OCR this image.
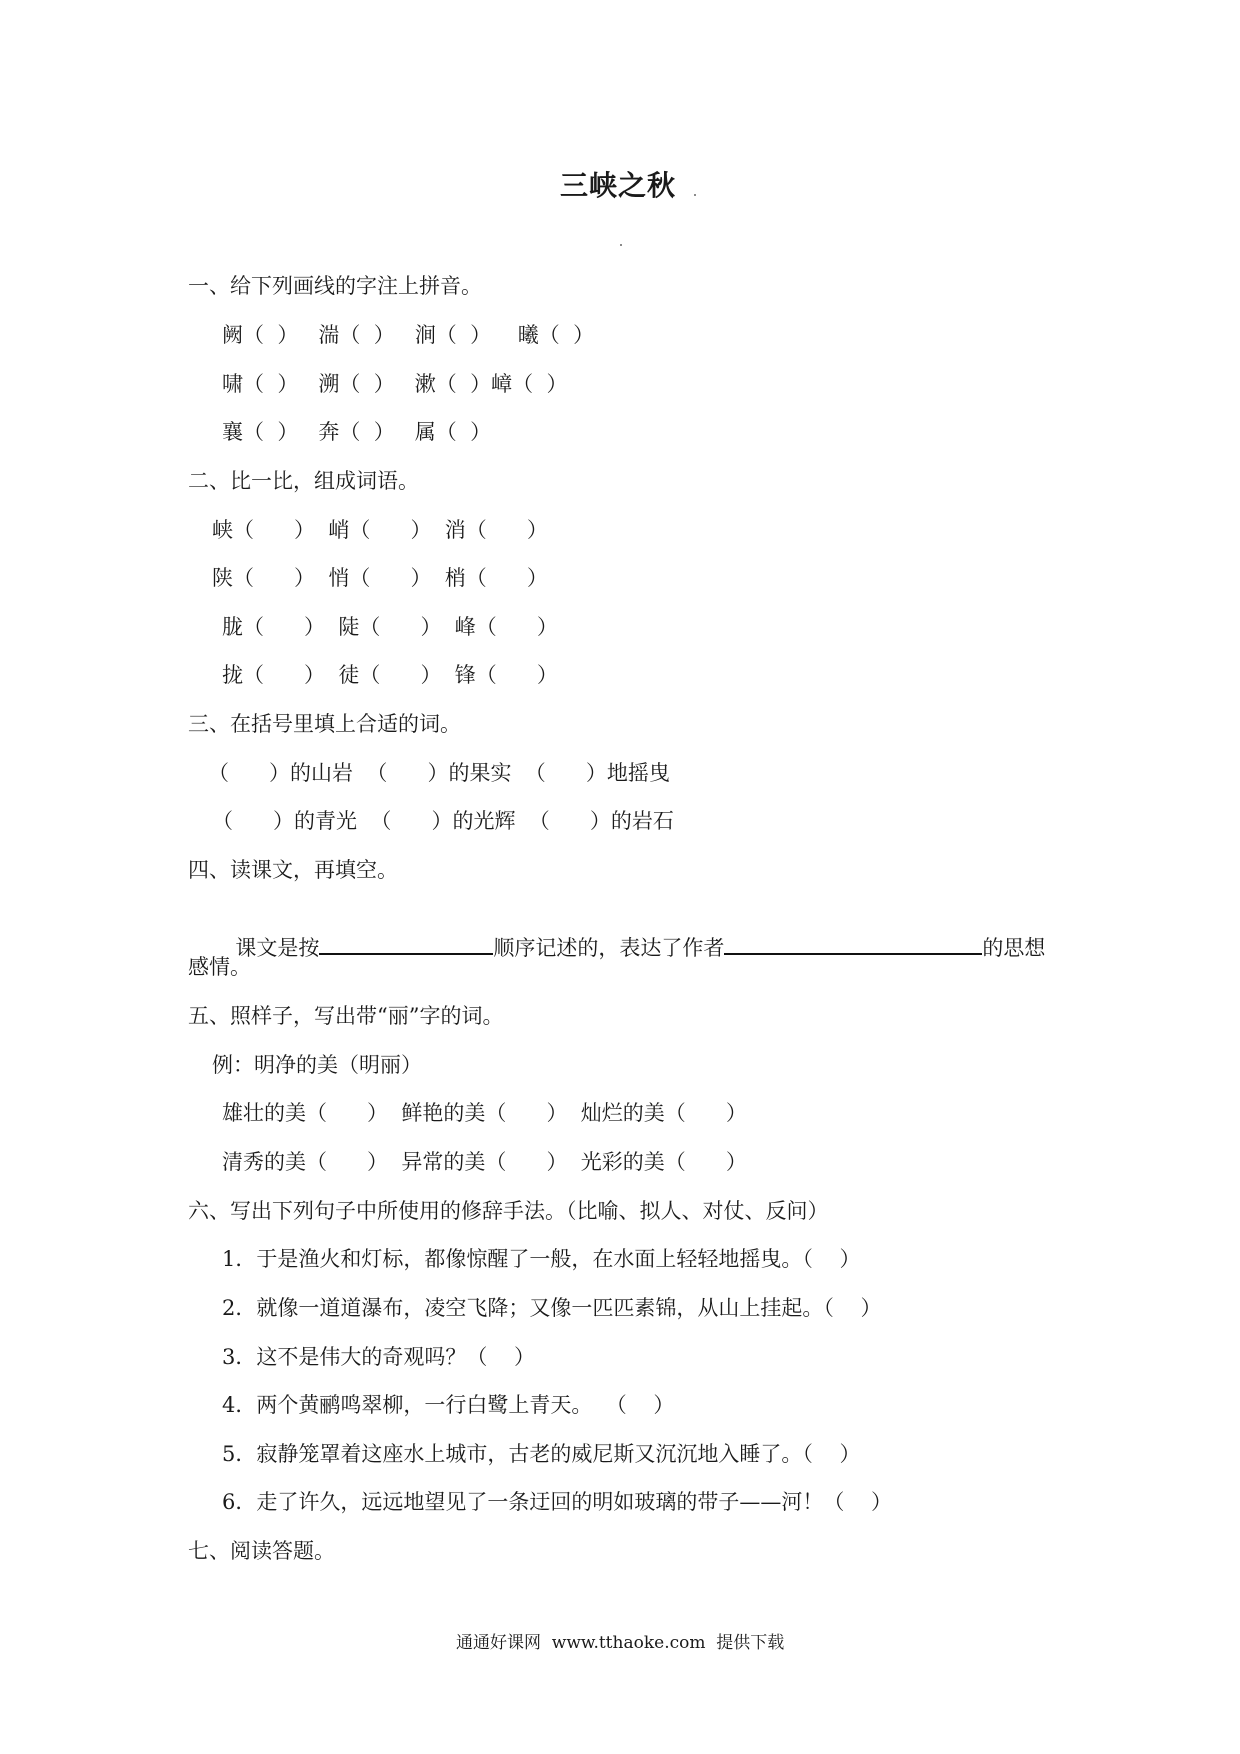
三峡之秋
一、给下列画线的字注上拼音。
阙（  ）   湍（  ）   涧（  ）    曦（  ）
啸（  ）   溯（  ）   漱（  ）嶂（  ）
襄（  ）   奔（  ）   属（  ）
二、比一比，组成词语。
峡（      ）  峭（      ）  消（      ）
陕（      ）  悄（      ）  梢（      ）
胧（      ）  陡（      ）  峰（      ）
拢（      ）  徒（      ）  锋（      ）
三、在括号里填上合适的词。
（      ）的山岩  （      ）的果实  （      ）地摇曳
（      ）的青光  （      ）的光辉  （      ）的岩石
四、读课文，再填空。

课文是按	顺序记述的，表达了作者	的思想

感情。
五、照样子，写出带“丽”字的词。
例：明净的美（明丽）
雄壮的美（      ）  鲜艳的美（      ）  灿烂的美（      ）
清秀的美（      ）  异常的美（      ）  光彩的美（      ）
六、写出下列句子中所使用的修辞手法。（比喻、拟人、对仗、反问）
1．于是渔火和灯标，都像惊醒了一般，在水面上轻轻地摇曳。（    ）
2．就像一道道瀑布，凌空飞降；又像一匹匹素锦，从山上挂起。（    ）
3．这不是伟大的奇观吗？（    ）
4．两个黄鹂鸣翠柳，一行白鹭上青天。  （    ）
5．寂静笼罩着这座水上城市，古老的威尼斯又沉沉地入睡了。（    ）
6．走了许久，远远地望见了一条迂回的明如玻璃的带子——河！（    ）
七、阅读答题。
通通好课网  www.tthaoke.com  提供下载
